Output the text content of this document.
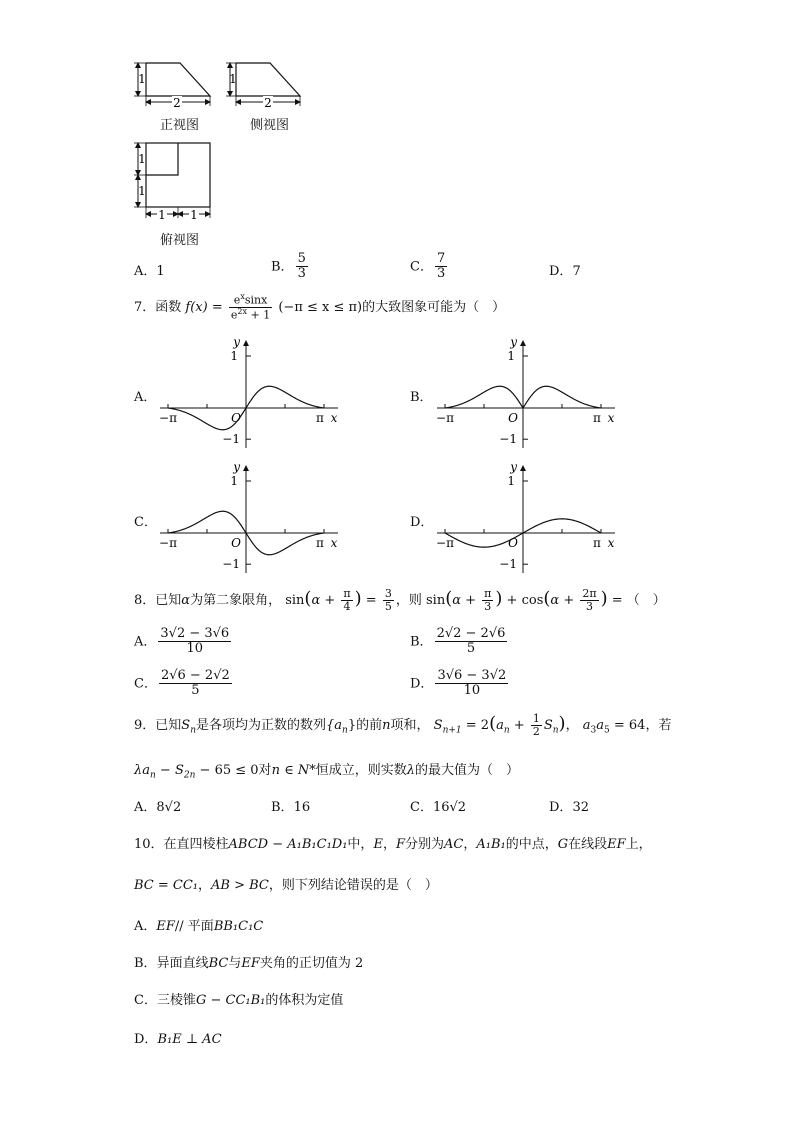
1
2
1
2
1
1
1 1
正视图	侧视图
俯视图
A．1	B． $\frac{5}{3}$	C． $\frac{7}{3}$	D．7
7．函数 $f(x) = \frac{e^x\sin x}{e^{2x} + 1} (-\pi \le x \le \pi)$的大致图象可能为（　）
A．	B．
C．	D．
y
1
−1
O
−π	π x
y
1
−1
O
−π	π x
y
1
−1
O
−π	π x
y
1
−1
O
−π	π x
8．已知α为第二象限角， $\sin(\alpha + \frac{\pi}{4}$ ) = $\frac{3}{5}$ ，则 $\sin(\alpha + \frac{\pi}{3}$ ) + $\cos(\alpha + \frac{2\pi}{3}$ ) = （　）
A． $\frac{3√2 - 3√6}{10}$	B． $\frac{2√2 - 2√6}{5}$
C． $\frac{2√6 - 2√2}{5}$	D． $\frac{3√6 - 3√2}{10}$
9．已知$S_n$是各项均为正数的数列$\{a_n\}$的前n项和， $S_{n+1} = 2(a_n + \frac{1}{2} S_n)$， $a_3a_5 = 64$，若
$\lambda a_n - S_{2n} - 65 \le 0$对n ∈ N*恒成立，则实数λ的最大值为（　）
A．8√2	B．16	C．16√2	D．32
10．在直四棱柱ABCD − A₁B₁C₁D₁中，E，F分别为AC，A₁B₁的中点，G在线段EF上，
BC = CC₁，AB > BC，则下列结论错误的是（　）
A．EF// 平面BB₁C₁C
B．异面直线BC与EF夹角的正切值为 2
C．三棱锥G − CC₁B₁的体积为定值
D．B₁E ⊥ AC
